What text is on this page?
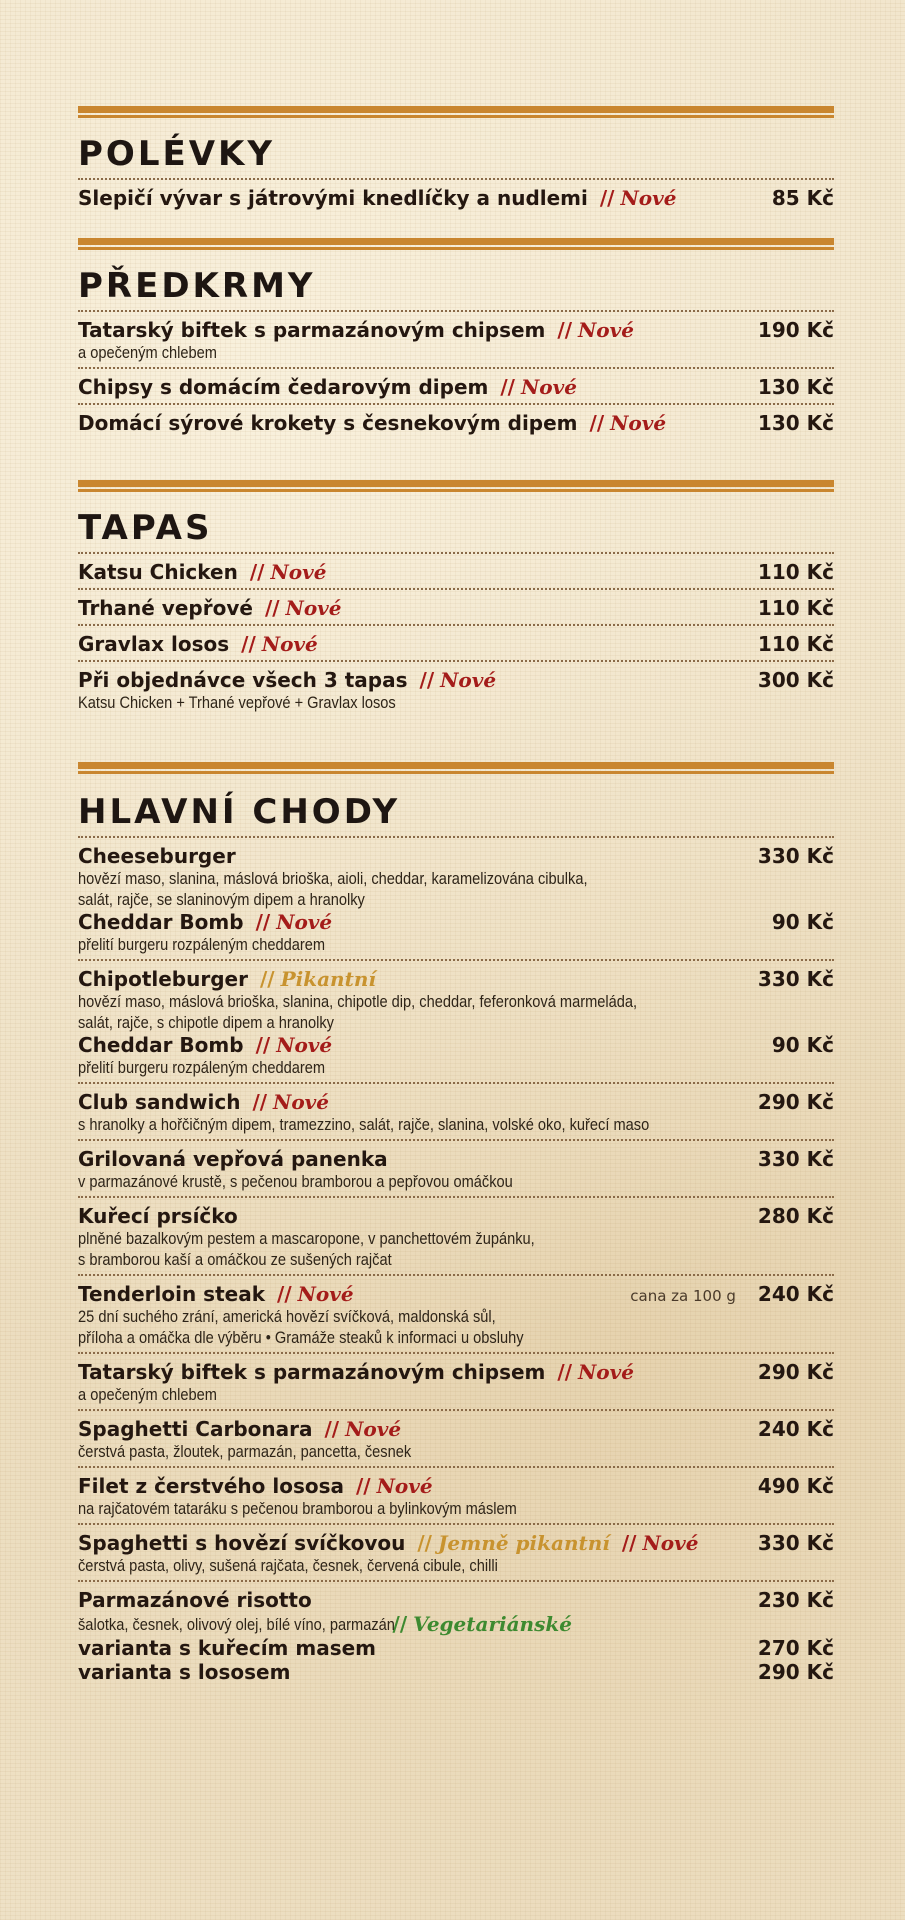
POLÉVKY
Slepičí vývar s játrovými knedlíčky a nudlemi // Nové	85 Kč
PŘEDKRMY
Tatarský biftek s parmazánovým chipsem // Nové	190 Kč
a opečeným chlebem
Chipsy s domácím čedarovým dipem // Nové	130 Kč
Domácí sýrové krokety s česnekovým dipem // Nové	130 Kč
TAPAS
Katsu Chicken // Nové	110 Kč
Trhané vepřové // Nové	110 Kč
Gravlax losos // Nové	110 Kč
Při objednávce všech 3 tapas // Nové	300 Kč
Katsu Chicken + Trhané vepřové + Gravlax losos
HLAVNÍ CHODY
Cheeseburger	330 Kč
hovězí maso, slanina, máslová brioška, aioli, cheddar, karamelizována cibulka,
salát, rajče, se slaninovým dipem a hranolky
Cheddar Bomb // Nové	90 Kč
přelití burgeru rozpáleným cheddarem
Chipotleburger // Pikantní	330 Kč
hovězí maso, máslová brioška, slanina, chipotle dip, cheddar, feferonková marmeláda,
salát, rajče, s chipotle dipem a hranolky
Cheddar Bomb // Nové	90 Kč
přelití burgeru rozpáleným cheddarem
Club sandwich // Nové	290 Kč
s hranolky a hořčičným dipem, tramezzino, salát, rajče, slanina, volské oko, kuřecí maso
Grilovaná vepřová panenka	330 Kč
v parmazánové krustě, s pečenou bramborou a pepřovou omáčkou
Kuřecí prsíčko	280 Kč
plněné bazalkovým pestem a mascaropone, v panchettovém župánku,
s bramborou kaší a omáčkou ze sušených rajčat
Tenderloin steak // Nové	cana za 100 g 240 Kč
25 dní suchého zrání, americká hovězí svíčková, maldonská sůl,
příloha a omáčka dle výběru • Gramáže steaků k informaci u obsluhy
Tatarský biftek s parmazánovým chipsem // Nové	290 Kč
a opečeným chlebem
Spaghetti Carbonara // Nové	240 Kč
čerstvá pasta, žloutek, parmazán, pancetta, česnek
Filet z čerstvého lososa // Nové	490 Kč
na rajčatovém tataráku s pečenou bramborou a bylinkovým máslem
Spaghetti s hovězí svíčkovou // Jemně pikantní // Nové	330 Kč
čerstvá pasta, olivy, sušená rajčata, česnek, červená cibule, chilli
Parmazánové risotto	230 Kč
šalotka, česnek, olivový olej, bílé víno, parmazán
// Vegetariánské
varianta s kuřecím masem	270 Kč
varianta s lososem	290 Kč
